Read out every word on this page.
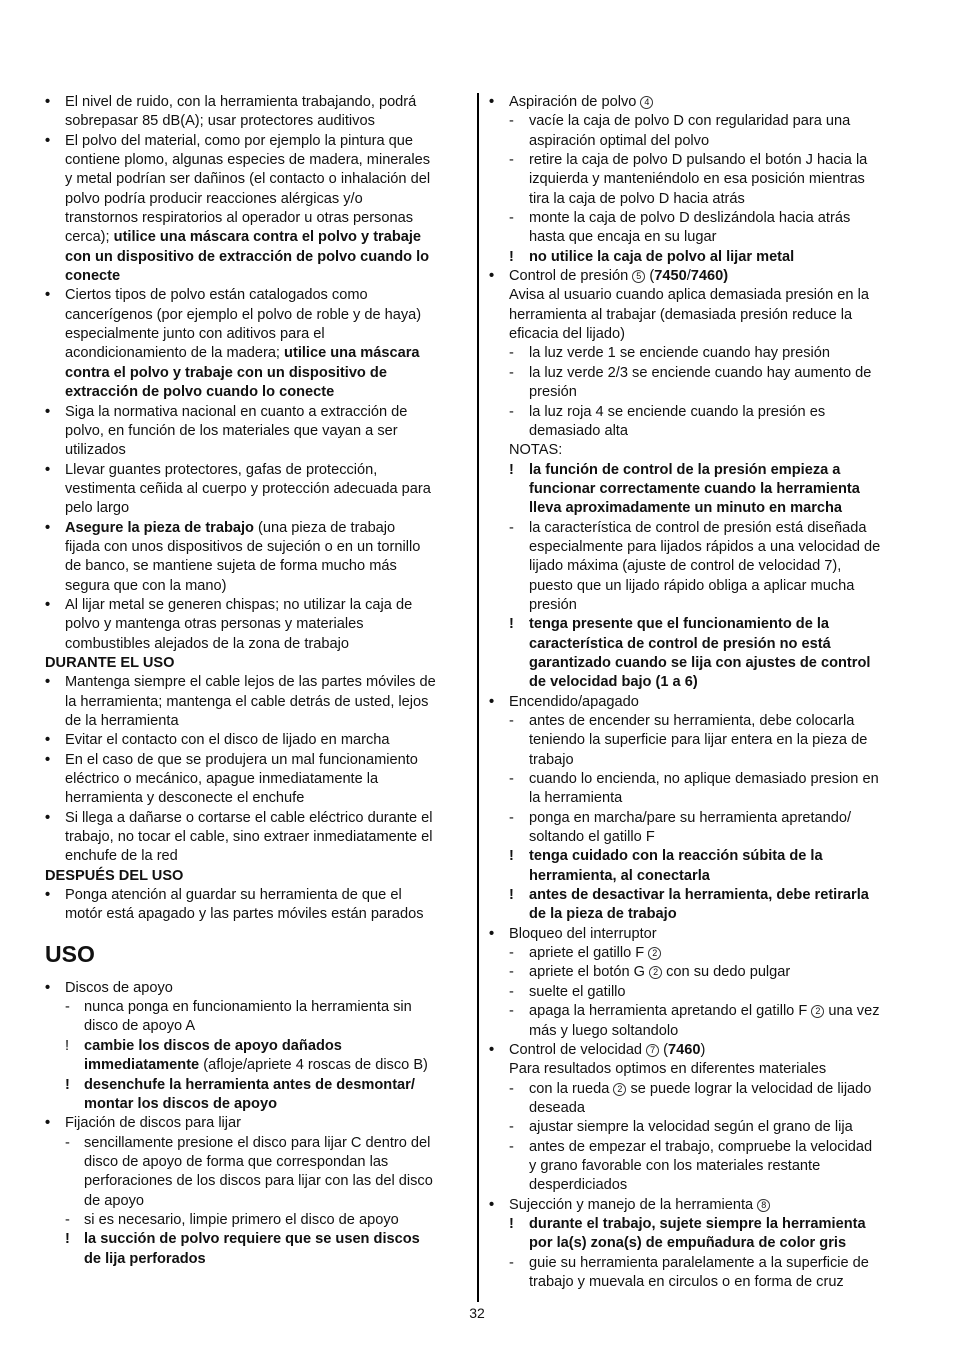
• El nivel de ruido, con la herramienta trabajando, podrá
sobrepasar 85 dB(A); usar protectores auditivos
• El polvo del material, como por ejemplo la pintura que
contiene plomo, algunas especies de madera, minerales
y metal podrían ser dañinos (el contacto o inhalación del
polvo podría producir reacciones alérgicas y/o
transtornos respiratorios al operador u otras personas
cerca); utilice una máscara contra el polvo y trabaje
con un dispositivo de extracción de polvo cuando lo
conecte
• Ciertos tipos de polvo están catalogados como
cancerígenos (por ejemplo el polvo de roble y de haya)
especialmente junto con aditivos para el
acondicionamiento de la madera; utilice una máscara
contra el polvo y trabaje con un dispositivo de
extracción de polvo cuando lo conecte
• Siga la normativa nacional en cuanto a extracción de
polvo, en función de los materiales que vayan a ser
utilizados
• Llevar guantes protectores, gafas de protección,
vestimenta ceñida al cuerpo y protección adecuada para
pelo largo
• Asegure la pieza de trabajo (una pieza de trabajo
fijada con unos dispositivos de sujeción o en un tornillo
de banco, se mantiene sujeta de forma mucho más
segura que con la mano)
• Al lijar metal se generen chispas; no utilizar la caja de
polvo y mantenga otras personas y materiales
combustibles alejados de la zona de trabajo
DURANTE EL USO
• Mantenga siempre el cable lejos de las partes móviles de
la herramienta; mantenga el cable detrás de usted, lejos
de la herramienta
• Evitar el contacto con el disco de lijado en marcha
• En el caso de que se produjera un mal funcionamiento
eléctrico o mecánico, apague inmediatamente la
herramienta y desconecte el enchufe
• Si llega a dañarse o cortarse el cable eléctrico durante el
trabajo, no tocar el cable, sino extraer inmediatamente el
enchufe de la red
DESPUÉS DEL USO
• Ponga atención al guardar su herramienta de que el
motór está apagado y las partes móviles están parados
USO
• Discos de apoyo
- nunca ponga en funcionamiento la herramienta sin
disco de apoyo A
! cambie los discos de apoyo dañados
immediatamente (afloje/apriete 4 roscas de disco B)
! desenchufe la herramienta antes de desmontar/
montar los discos de apoyo
• Fijación de discos para lijar
- sencillamente presione el disco para lijar C dentro del
disco de apoyo de forma que correspondan las
perforaciones de los discos para lijar con las del disco
de apoyo
- si es necesario, limpie primero el disco de apoyo
! la succión de polvo requiere que se usen discos
de lija perforados
• Aspiración de polvo 4
- vacíe la caja de polvo D con regularidad para una
aspiración optimal del polvo
- retire la caja de polvo D pulsando el botón J hacia la
izquierda y manteniéndolo en esa posición mientras
tira la caja de polvo D hacia atrás
- monte la caja de polvo D deslizándola hacia atrás
hasta que encaja en su lugar
! no utilice la caja de polvo al lijar metal
• Control de presión 5 (7450/7460)
Avisa al usuario cuando aplica demasiada presión en la
herramienta al trabajar (demasiada presión reduce la
eficacia del lijado)
- la luz verde 1 se enciende cuando hay presión
- la luz verde 2/3 se enciende cuando hay aumento de
presión
- la luz roja 4 se enciende cuando la presión es
demasiado alta
NOTAS:
! la función de control de la presión empieza a
funcionar correctamente cuando la herramienta
lleva aproximadamente un minuto en marcha
- la característica de control de presión está diseñada
especialmente para lijados rápidos a una velocidad de
lijado máxima (ajuste de control de velocidad 7),
puesto que un lijado rápido obliga a aplicar mucha
presión
! tenga presente que el funcionamiento de la
característica de control de presión no está
garantizado cuando se lija con ajustes de control
de velocidad bajo (1 a 6)
• Encendido/apagado
- antes de encender su herramienta, debe colocarla
teniendo la superficie para lijar entera en la pieza de
trabajo
- cuando lo encienda, no aplique demasiado presion en
la herramienta
- ponga en marcha/pare su herramienta apretando/
soltando el gatillo F
! tenga cuidado con la reacción súbita de la
herramienta, al conectarla
! antes de desactivar la herramienta, debe retirarla
de la pieza de trabajo
• Bloqueo del interruptor
- apriete el gatillo F 2
- apriete el botón G 2 con su dedo pulgar
- suelte el gatillo
- apaga la herramienta apretando el gatillo F 2 una vez
más y luego soltandolo
• Control de velocidad 7 (7460)
Para resultados optimos en diferentes materiales
- con la rueda 2 se puede lograr la velocidad de lijado
deseada
- ajustar siempre la velocidad según el grano de lija
- antes de empezar el trabajo, compruebe la velocidad
y grano favorable con los materiales restante
desperdiciados
• Sujección y manejo de la herramienta 8
! durante el trabajo, sujete siempre la herramienta
por la(s) zona(s) de empuñadura de color gris
- guie su herramienta paralelamente a la superficie de
trabajo y muevala en circulos o en forma de cruz
32
